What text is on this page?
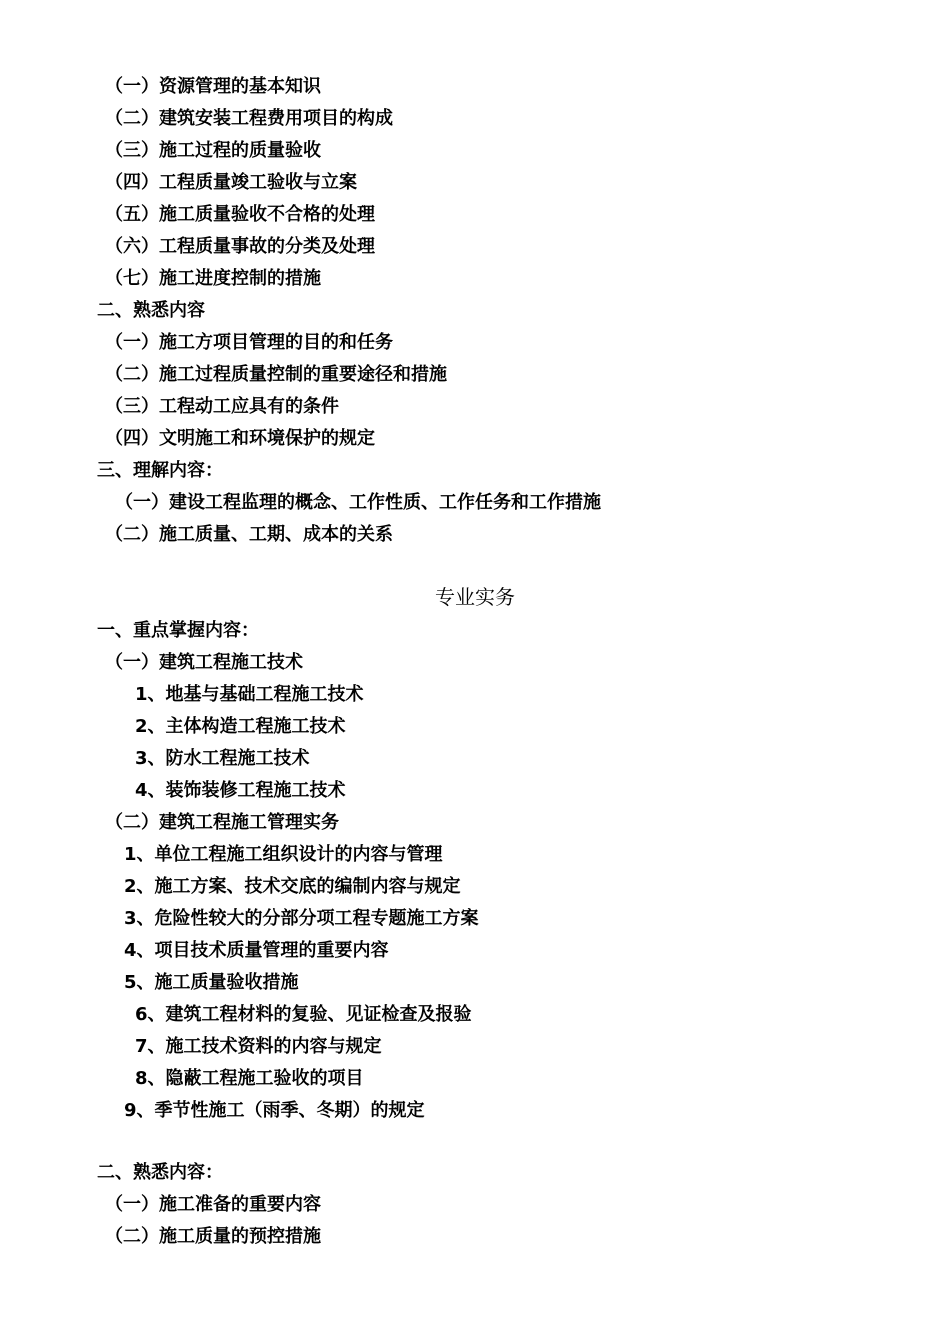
（一）资源管理的基本知识
（二）建筑安装工程费用项目的构成
（三）施工过程的质量验收
（四）工程质量竣工验收与立案
（五）施工质量验收不合格的处理
（六）工程质量事故的分类及处理
（七）施工进度控制的措施
二、熟悉内容
（一）施工方项目管理的目的和任务
（二）施工过程质量控制的重要途径和措施
（三）工程动工应具有的条件
（四）文明施工和环境保护的规定
三、理解内容：
（一）建设工程监理的概念、工作性质、工作任务和工作措施
（二）施工质量、工期、成本的关系
专业实务
一、重点掌握内容：
（一）建筑工程施工技术
1、地基与基础工程施工技术
2、主体构造工程施工技术
3、防水工程施工技术
4、装饰装修工程施工技术
（二）建筑工程施工管理实务
1、单位工程施工组织设计的内容与管理
2、施工方案、技术交底的编制内容与规定
3、危险性较大的分部分项工程专题施工方案
4、项目技术质量管理的重要内容
5、施工质量验收措施
6、建筑工程材料的复验、见证检查及报验
7、施工技术资料的内容与规定
8、隐蔽工程施工验收的项目
9、季节性施工（雨季、冬期）的规定
二、熟悉内容：
（一）施工准备的重要内容
（二）施工质量的预控措施
